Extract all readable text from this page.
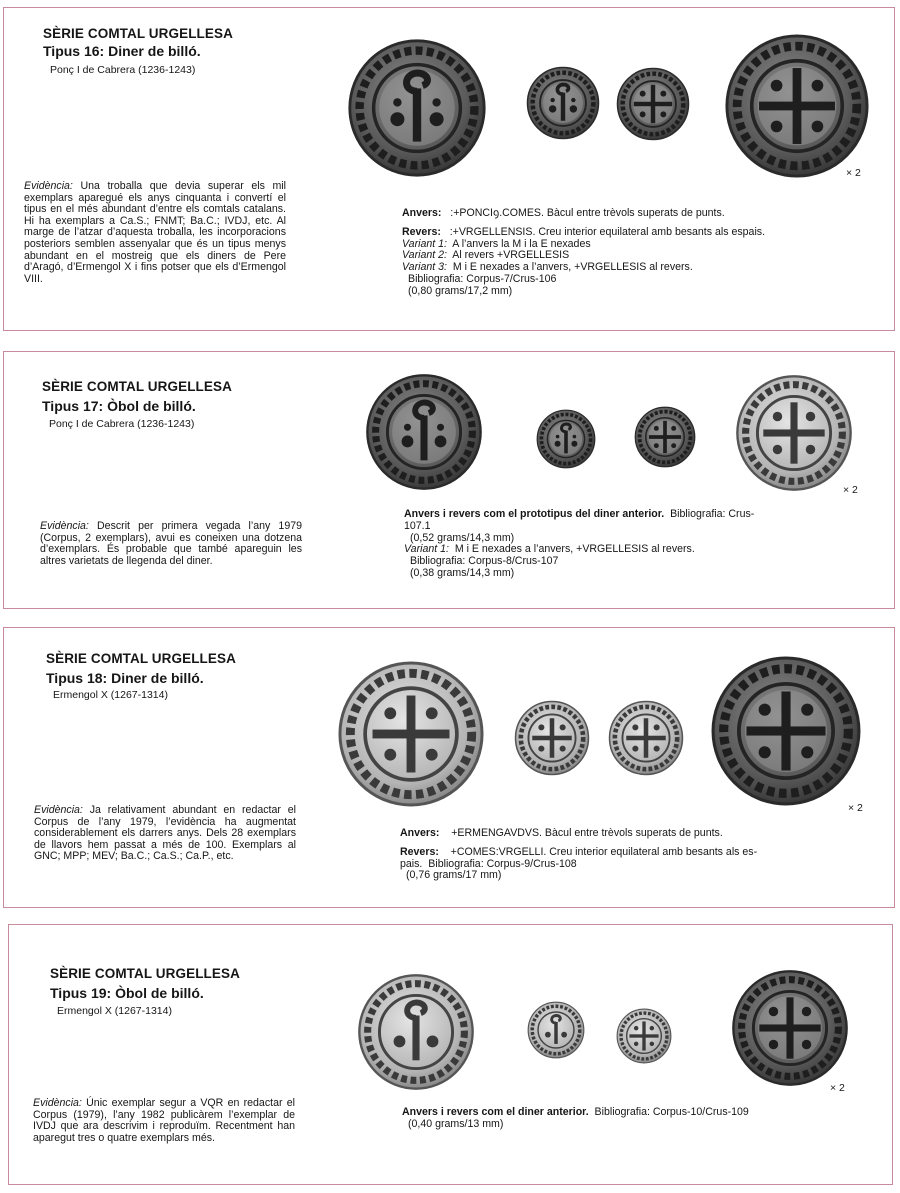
SÈRIE COMTAL URGELLESA
Tipus 16: Diner de billó.
Ponç I de Cabrera (1236-1243)
× 2
Evidència: Una troballa que devia superar els mil exemplars aparegué els anys cinquanta i convertí el tipus en el més abundant d’entre els comtals catalans. Hi ha exemplars a Ca.S.; FNMT; Ba.C.; IVDJ, etc. Al marge de l’atzar d’aquesta troballa, les incorporacions posteriors semblen assenyalar que és un tipus menys abundant en el mostreig que els diners de Pere d’Aragó, d’Ermengol X i fins potser que els d’Ermengol VIII.
Anvers: :+PONCIꝯ.COMES. Bàcul entre trèvols superats de punts.
Revers: :+VRGELLENSIS. Creu interior equilateral amb besants als espais.
Variant 1: A l’anvers la M i la E nexades
Variant 2: Al revers +VRGELLESIS
Variant 3: M i E nexades a l’anvers, +VRGELLESIS al revers.
Bibliografia: Corpus-7/Crus-106
(0,80 grams/17,2 mm)
SÈRIE COMTAL URGELLESA
Tipus 17: Òbol de billó.
Ponç I de Cabrera (1236-1243)
× 2
Evidència: Descrit per primera vegada l’any 1979 (Corpus, 2 exemplars), avui es coneixen una dotzena d’exemplars. És probable que també apareguin les altres varietats de llegenda del diner.
Anvers i revers com el prototipus del diner anterior. Bibliografia: Crus-
107.1
(0,52 grams/14,3 mm)
Variant 1: M i E nexades a l’anvers, +VRGELLESIS al revers.
Bibliografia: Corpus-8/Crus-107
(0,38 grams/14,3 mm)
SÈRIE COMTAL URGELLESA
Tipus 18: Diner de billó.
Ermengol X (1267-1314)
× 2
Evidència: Ja relativament abundant en redactar el Corpus de l’any 1979, l’evidència ha augmentat considerablement els darrers anys. Dels 28 exemplars de llavors hem passat a més de 100. Exemplars al GNC; MPP; MEV; Ba.C.; Ca.S.; Ca.P., etc.
Anvers: +ERMENGAVDVS. Bàcul entre trèvols superats de punts.
Revers: +COMES:VRGELLI. Creu interior equilateral amb besants als es-
pais. Bibliografia: Corpus-9/Crus-108
(0,76 grams/17 mm)
SÈRIE COMTAL URGELLESA
Tipus 19: Òbol de billó.
Ermengol X (1267-1314)
× 2
Evidència: Únic exemplar segur a VQR en redactar el Corpus (1979), l’any 1982 publicàrem l’exemplar de IVDJ que ara descrivim i reproduïm. Recentment han aparegut tres o quatre exemplars més.
Anvers i revers com el diner anterior. Bibliografia: Corpus-10/Crus-109
(0,40 grams/13 mm)
